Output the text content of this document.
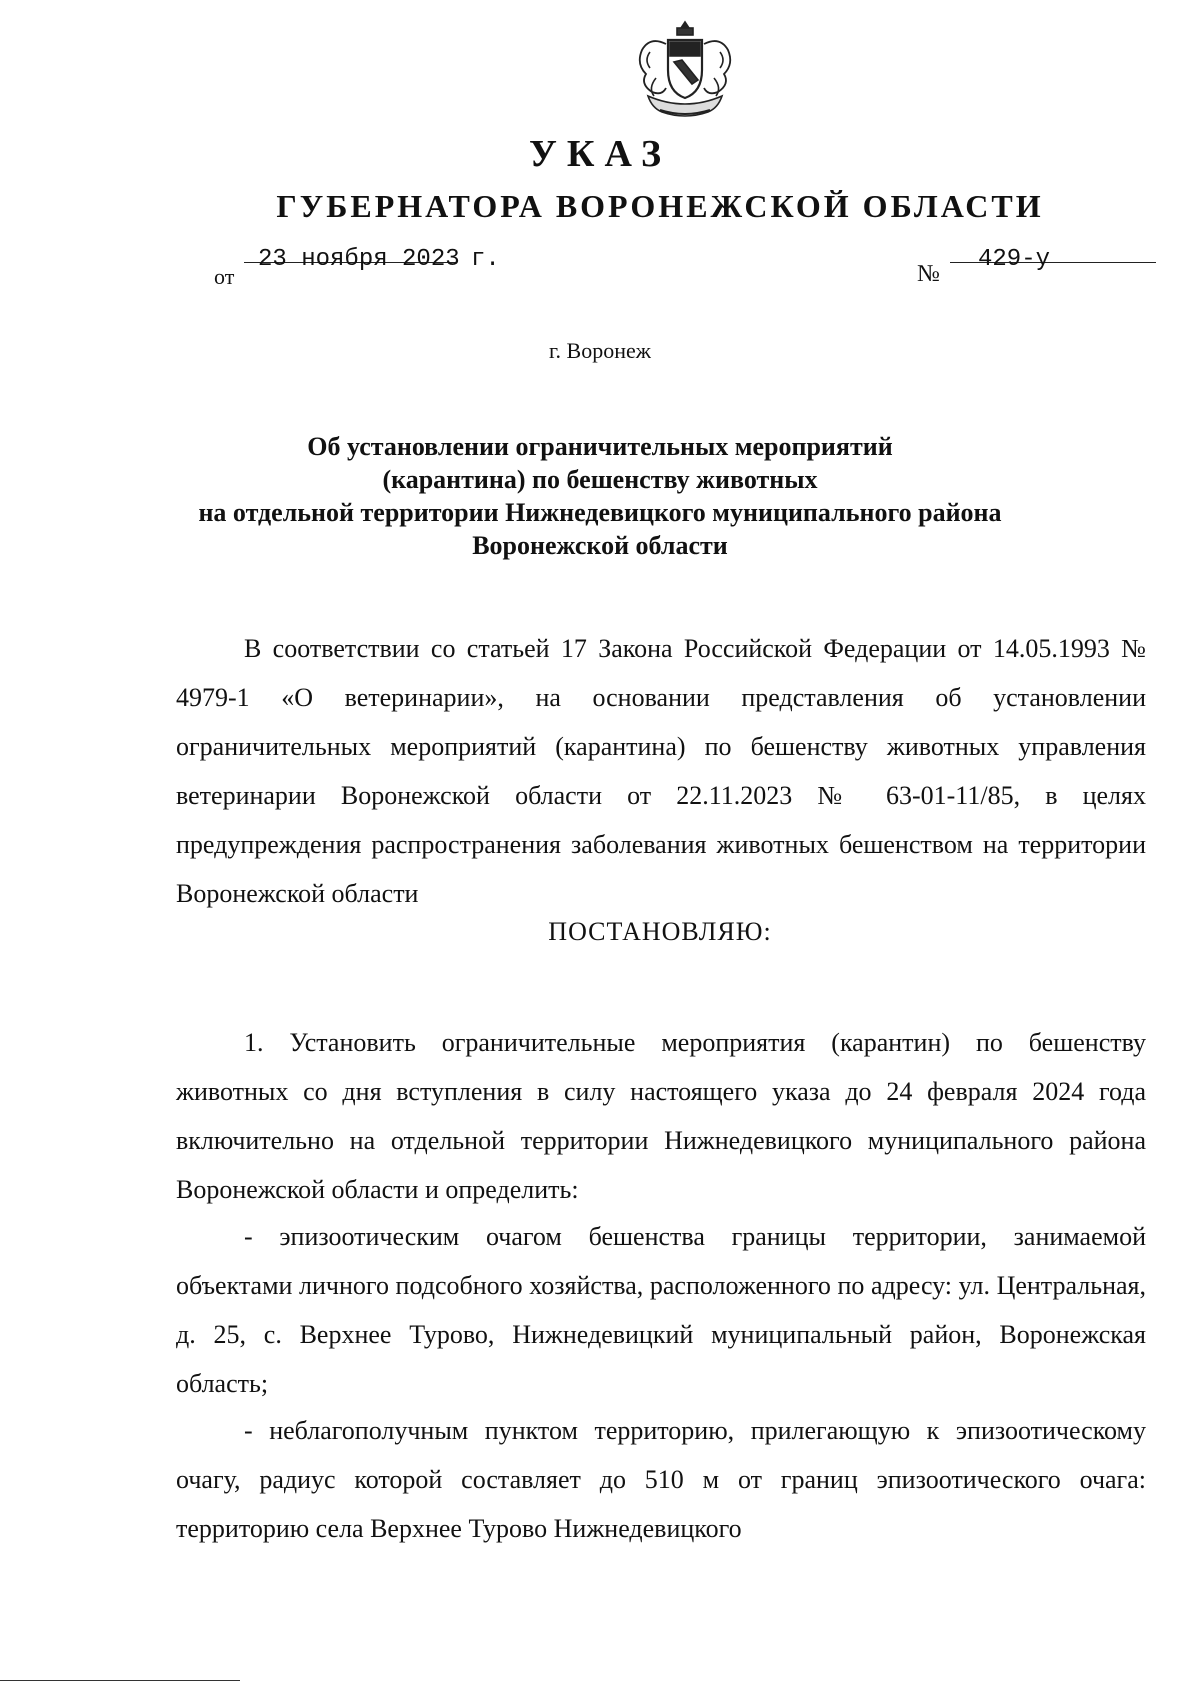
УКАЗ
ГУБЕРНАТОРА ВОРОНЕЖСКОЙ ОБЛАСТИ
от
23 ноября 2023 г.
№
429-у
г. Воронеж
Об установлении ограничительных мероприятий
(карантина) по бешенству животных
на отдельной территории Нижнедевицкого муниципального района
Воронежской области
В соответствии со статьей 17 Закона Российской Федерации от 14.05.1993 № 4979-1 «О ветеринарии», на основании представления об установлении ограничительных мероприятий (карантина) по бешенству животных управления ветеринарии Воронежской области от 22.11.2023 № 63-01-11/85, в целях предупреждения распространения заболевания животных бешенством на территории Воронежской области
ПОСТАНОВЛЯЮ:
1. Установить ограничительные мероприятия (карантин) по бешенству животных со дня вступления в силу настоящего указа до 24 февраля 2024 года включительно на отдельной территории Нижнедевицкого муниципального района Воронежской области и определить:
- эпизоотическим очагом бешенства границы территории, занимаемой объектами личного подсобного хозяйства, расположенного по адресу: ул. Центральная, д. 25, с. Верхнее Турово, Нижнедевицкий муниципальный район, Воронежская область;
- неблагополучным пунктом территорию, прилегающую к эпизоотическому очагу, радиус которой составляет до 510 м от границ эпизоотического очага: территорию села Верхнее Турово Нижнедевицкого
